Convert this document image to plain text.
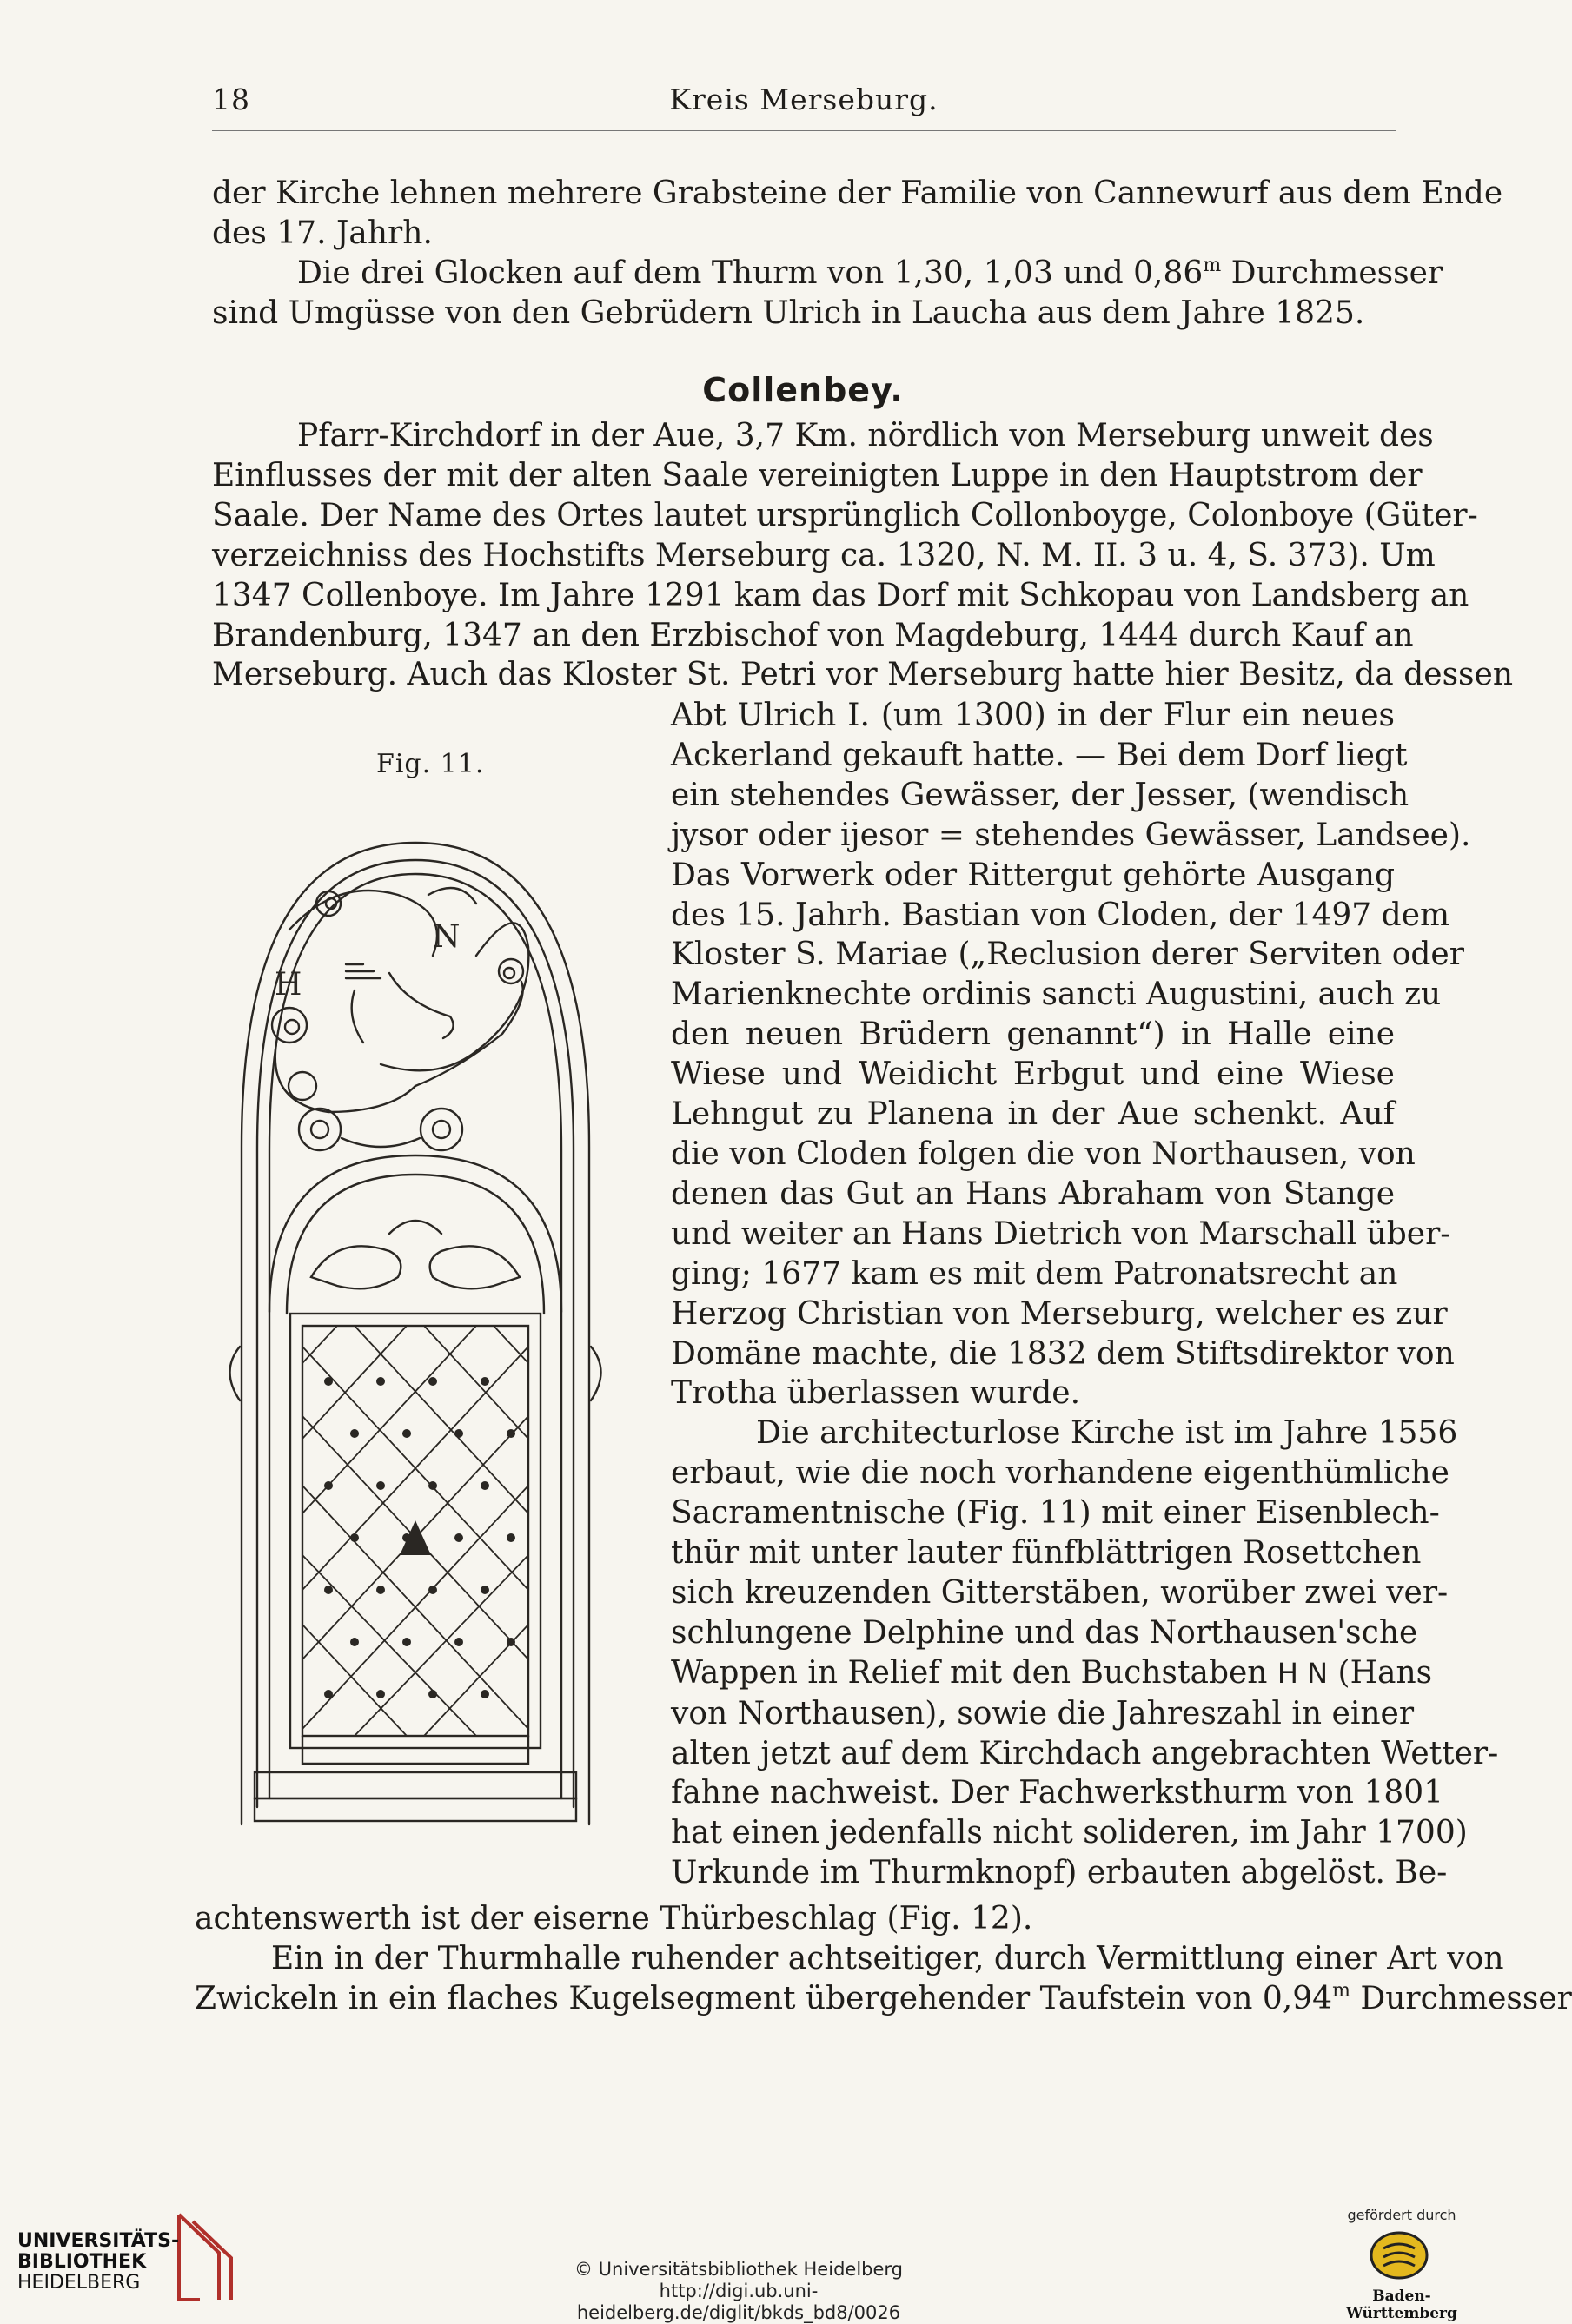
18	Kreis Merseburg.
der Kirche lehnen mehrere Grabsteine der Familie von Cannewurf aus dem Ende
des 17. Jahrh.
Die drei Glocken auf dem Thurm von 1,30, 1,03 und 0,86$^m$ Durchmesser
sind Umgüsse von den Gebrüdern Ulrich in Laucha aus dem Jahre 1825.
Collenbey.
Pfarr-Kirchdorf in der Aue, 3,7 Km. nördlich von Merseburg unweit des
Einflusses der mit der alten Saale vereinigten Luppe in den Hauptstrom der
Saale. Der Name des Ortes lautet ursprünglich Collonboyge, Colonboye (Güter-
verzeichniss des Hochstifts Merseburg ca. 1320, N. M. II. 3 u. 4, S. 373). Um
1347 Collenboye. Im Jahre 1291 kam das Dorf mit Schkopau von Landsberg an
Brandenburg, 1347 an den Erzbischof von Magdeburg, 1444 durch Kauf an
Merseburg. Auch das Kloster St. Petri vor Merseburg hatte hier Besitz, da dessen
Fig. 11.
H
N
Abt Ulrich I. (um 1300) in der Flur ein neues
Ackerland gekauft hatte. — Bei dem Dorf liegt
ein stehendes Gewässer, der Jesser, (wendisch
jysor oder ijesor = stehendes Gewässer, Landsee).
Das Vorwerk oder Rittergut gehörte Ausgang
des 15. Jahrh. Bastian von Cloden, der 1497 dem
Kloster S. Mariae („Reclusion derer Serviten oder
Marienknechte ordinis sancti Augustini, auch zu
den neuen Brüdern genannt“) in Halle eine
Wiese und Weidicht Erbgut und eine Wiese
Lehngut zu Planena in der Aue schenkt. Auf
die von Cloden folgen die von Northausen, von
denen das Gut an Hans Abraham von Stange
und weiter an Hans Dietrich von Marschall über-
ging; 1677 kam es mit dem Patronatsrecht an
Herzog Christian von Merseburg, welcher es zur
Domäne machte, die 1832 dem Stiftsdirektor von
Trotha überlassen wurde.
Die architecturlose Kirche ist im Jahre 1556
erbaut, wie die noch vorhandene eigenthümliche
Sacramentnische (Fig. 11) mit einer Eisenblech-
thür mit unter lauter fünfblättrigen Rosettchen
sich kreuzenden Gitterstäben, worüber zwei ver-
schlungene Delphine und das Northausen'sche
Wappen in Relief mit den Buchstaben H N (Hans
von Northausen), sowie die Jahreszahl in einer
alten jetzt auf dem Kirchdach angebrachten Wetter-
fahne nachweist. Der Fachwerksthurm von 1801
hat einen jedenfalls nicht solideren, im Jahr 1700)
Urkunde im Thurmknopf) erbauten abgelöst. Be-
achtenswerth ist der eiserne Thürbeschlag (Fig. 12).
Ein in der Thurmhalle ruhender achtseitiger, durch Vermittlung einer Art von
Zwickeln in ein flaches Kugelsegment übergehender Taufstein von 0,94$^m$ Durchmesser
UNIVERSITÄTS-
BIBLIOTHEK
HEIDELBERG
© Universitätsbibliothek Heidelberg
http://digi.ub.uni-heidelberg.de/diglit/bkds_bd8/0026
gefördert durch
Baden-Württemberg
